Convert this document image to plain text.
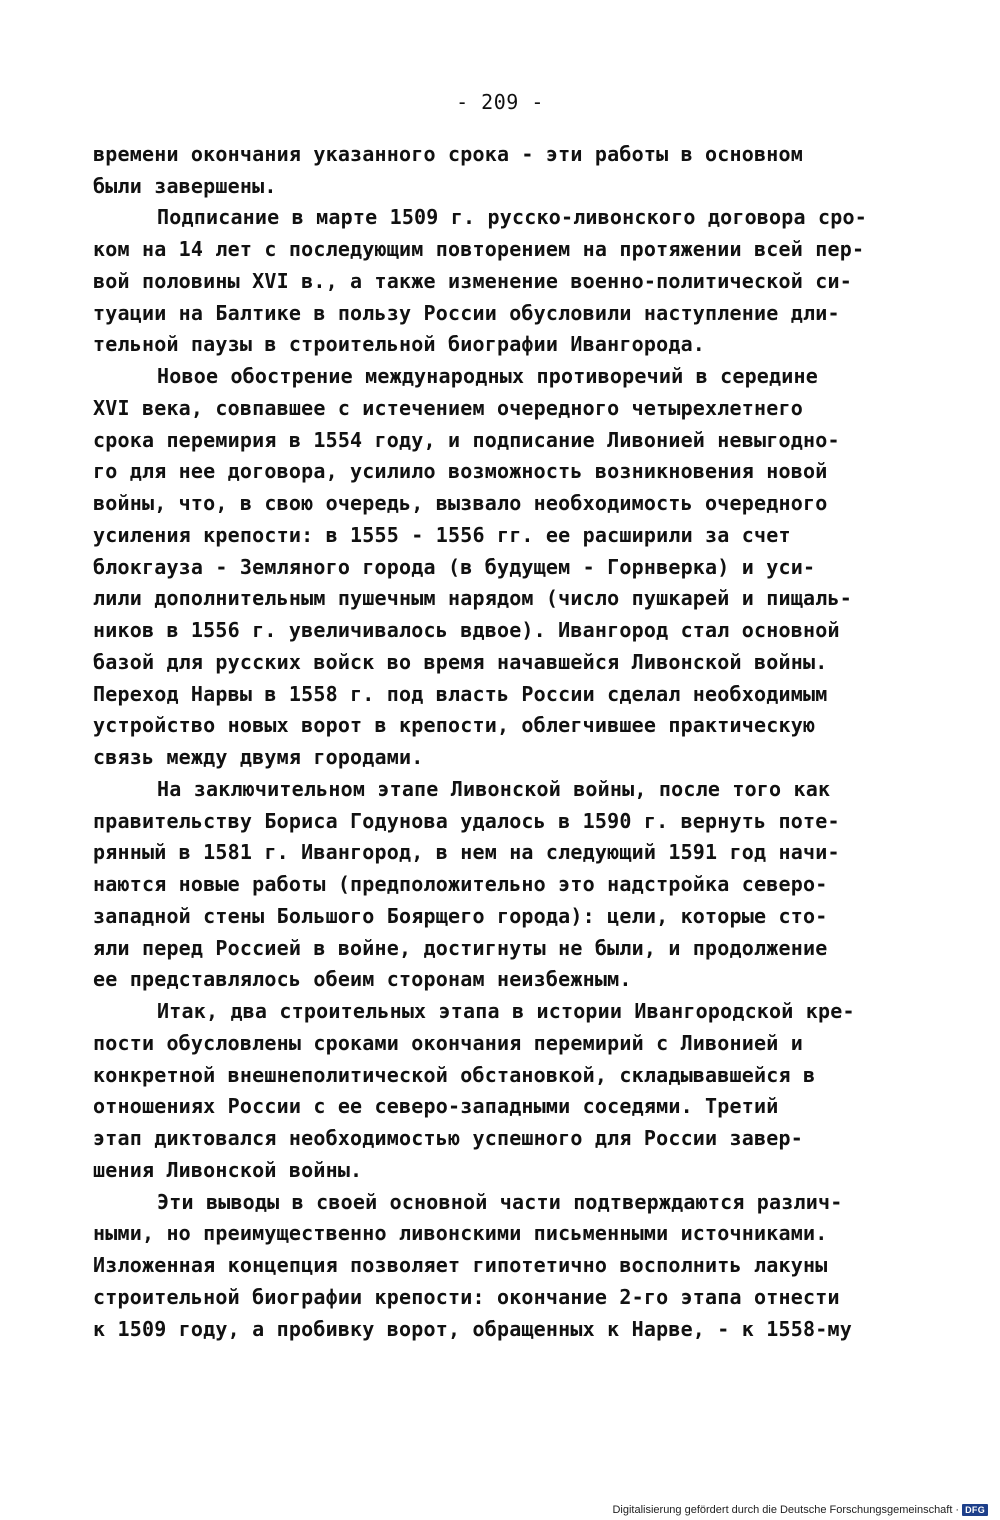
- 209 -
времени окончания указанного срока - эти работы в основном
были завершены.
Подписание в марте 1509 г. русско-ливонского договора сро-
ком на 14 лет с последующим повторением на протяжении всей пер-
вой половины XVI в., а также изменение военно-политической си-
туации на Балтике в пользу России обусловили наступление дли-
тельной паузы в строительной биографии Ивангорода.
Новое обострение международных противоречий в середине
XVI века, совпавшее с истечением очередного четырехлетнего
срока перемирия в 1554 году, и подписание Ливонией невыгодно-
го для нее договора, усилило возможность возникновения новой
войны, что, в свою очередь, вызвало необходимость очередного
усиления крепости: в 1555 - 1556 гг. ее расширили за счет
блокгауза - Земляного города (в будущем - Горнверка) и уси-
лили дополнительным пушечным нарядом (число пушкарей и пищаль-
ников в 1556 г. увеличивалось вдвое). Ивангород стал основной
базой для русских войск во время начавшейся Ливонской войны.
Переход Нарвы в 1558 г. под власть России сделал необходимым
устройство новых ворот в крепости, облегчившее практическую
связь между двумя городами.
На заключительном этапе Ливонской войны, после того как
правительству Бориса Годунова удалось в 1590 г. вернуть поте-
рянный в 1581 г. Ивангород, в нем на следующий 1591 год начи-
наются новые работы (предположительно это надстройка северо-
западной стены Большого Боярщего города): цели, которые сто-
яли перед Россией в войне, достигнуты не были, и продолжение
ее представлялось обеим сторонам неизбежным.
Итак, два строительных этапа в истории Ивангородской кре-
пости обусловлены сроками окончания перемирий с Ливонией и
конкретной внешнеполитической обстановкой, складывавшейся в
отношениях России с ее северо-западными соседями. Третий
этап диктовался необходимостью успешного для России завер-
шения Ливонской войны.
Эти выводы в своей основной части подтверждаются различ-
ными, но преимущественно ливонскими письменными источниками.
Изложенная концепция позволяет гипотетично восполнить лакуны
строительной биографии крепости: окончание 2-го этапа отнести
к 1509 году, а пробивку ворот, обращенных к Нарве, - к 1558-му
Digitalisierung gefördert durch die Deutsche Forschungsgemeinschaft · DFG
